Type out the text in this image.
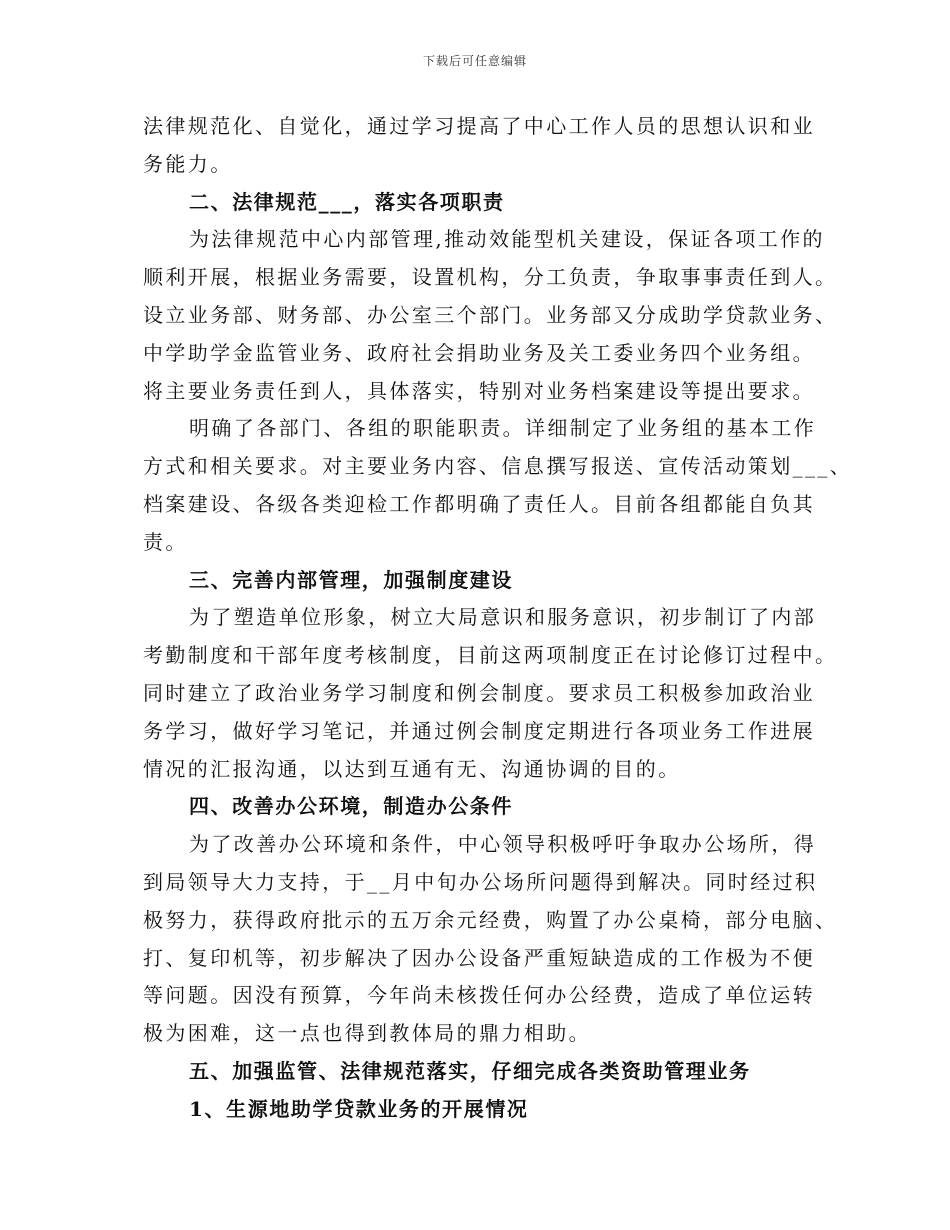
下载后可任意编辑
法律规范化、自觉化，通过学习提高了中心工作人员的思想认识和业
务能力。
二、法律规范___，落实各项职责
为法律规范中心内部管理,推动效能型机关建设，保证各项工作的
顺利开展，根据业务需要，设置机构，分工负责，争取事事责任到人。
设立业务部、财务部、办公室三个部门。业务部又分成助学贷款业务、
中学助学金监管业务、政府社会捐助业务及关工委业务四个业务组。
将主要业务责任到人，具体落实，特别对业务档案建设等提出要求。
明确了各部门、各组的职能职责。详细制定了业务组的基本工作
方式和相关要求。对主要业务内容、信息撰写报送、宣传活动策划___、
档案建设、各级各类迎检工作都明确了责任人。目前各组都能自负其
责。
三、完善内部管理，加强制度建设
为了塑造单位形象，树立大局意识和服务意识，初步制订了内部
考勤制度和干部年度考核制度，目前这两项制度正在讨论修订过程中。
同时建立了政治业务学习制度和例会制度。要求员工积极参加政治业
务学习，做好学习笔记，并通过例会制度定期进行各项业务工作进展
情况的汇报沟通，以达到互通有无、沟通协调的目的。
四、改善办公环境，制造办公条件
为了改善办公环境和条件，中心领导积极呼吁争取办公场所，得
到局领导大力支持，于__月中旬办公场所问题得到解决。同时经过积
极努力，获得政府批示的五万余元经费，购置了办公桌椅，部分电脑、
打、复印机等，初步解决了因办公设备严重短缺造成的工作极为不便
等问题。因没有预算，今年尚未核拨任何办公经费，造成了单位运转
极为困难，这一点也得到教体局的鼎力相助。
五、加强监管、法律规范落实，仔细完成各类资助管理业务
1、生源地助学贷款业务的开展情况
